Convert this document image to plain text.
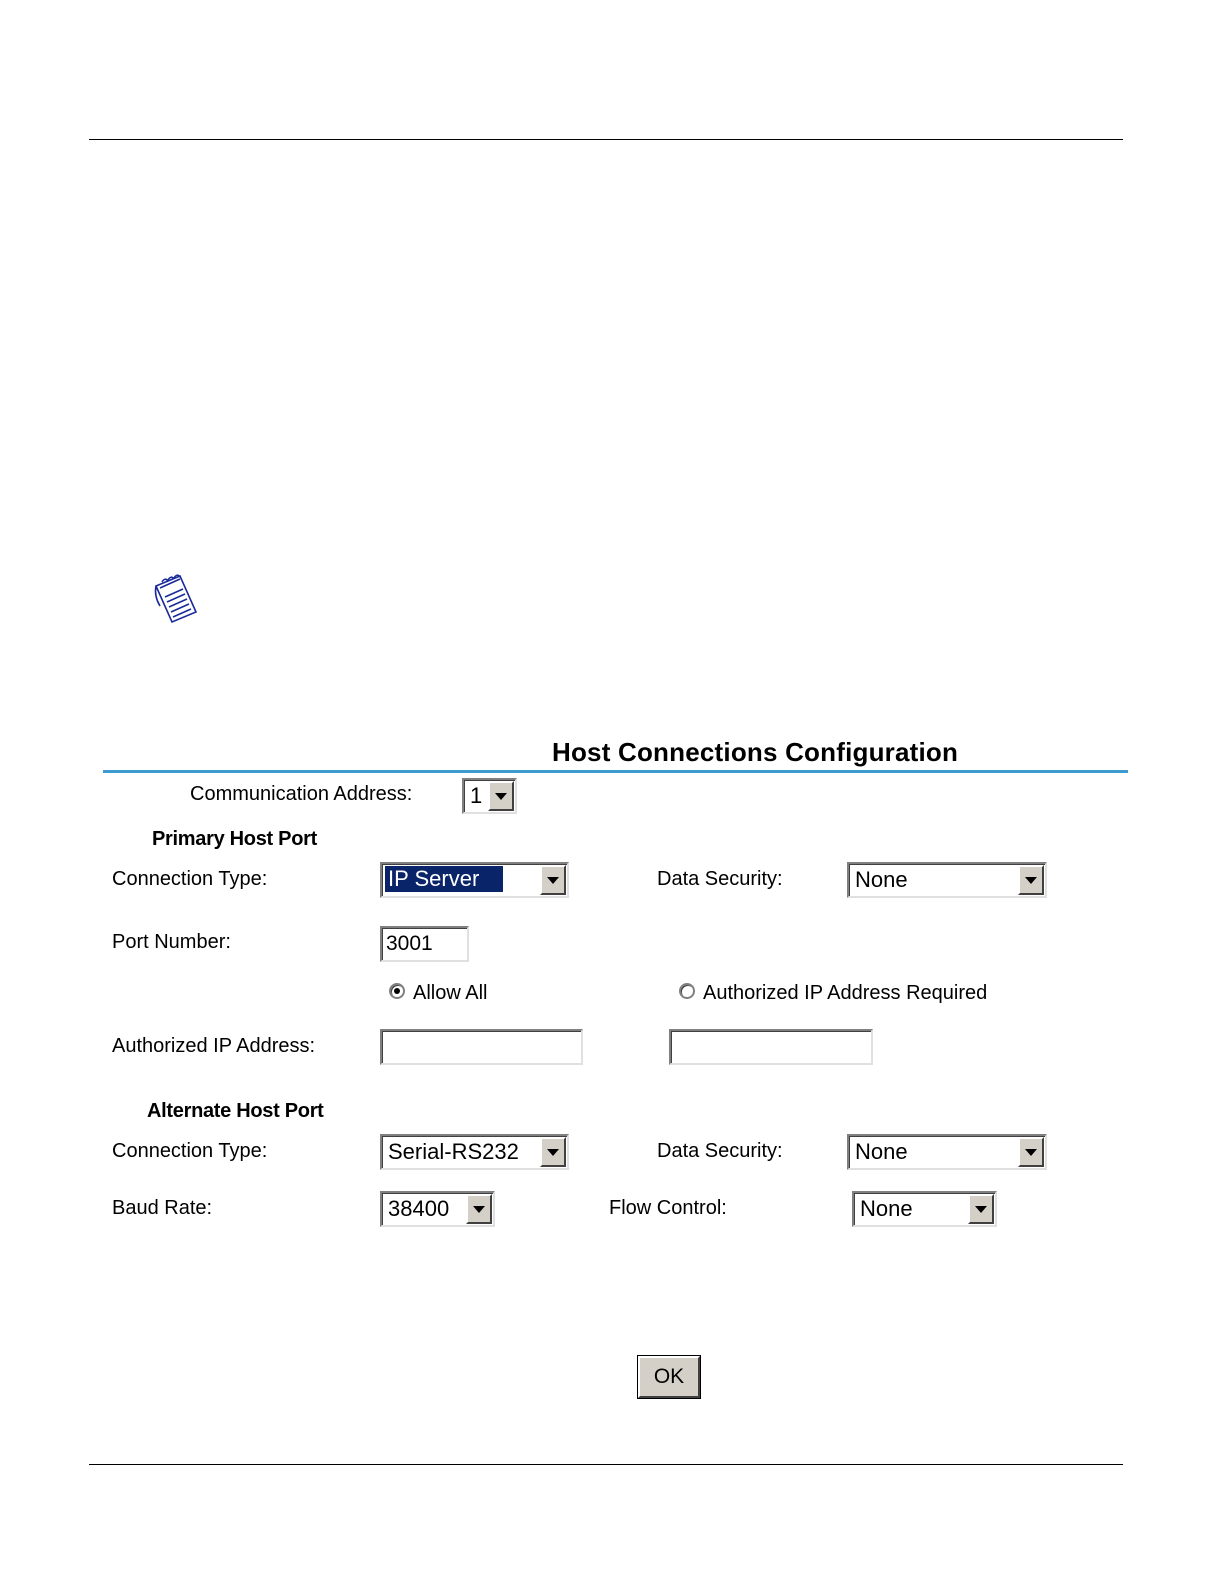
Host Connections Configuration
Communication Address:	1
Primary Host Port
Connection Type:	IP Server	Data Security:	None
Port Number:	3001
Allow All	Authorized IP Address Required
Authorized IP Address:
Alternate Host Port
Connection Type:	Serial-RS232	Data Security:	None
Baud Rate:	38400	Flow Control:	None
OK
